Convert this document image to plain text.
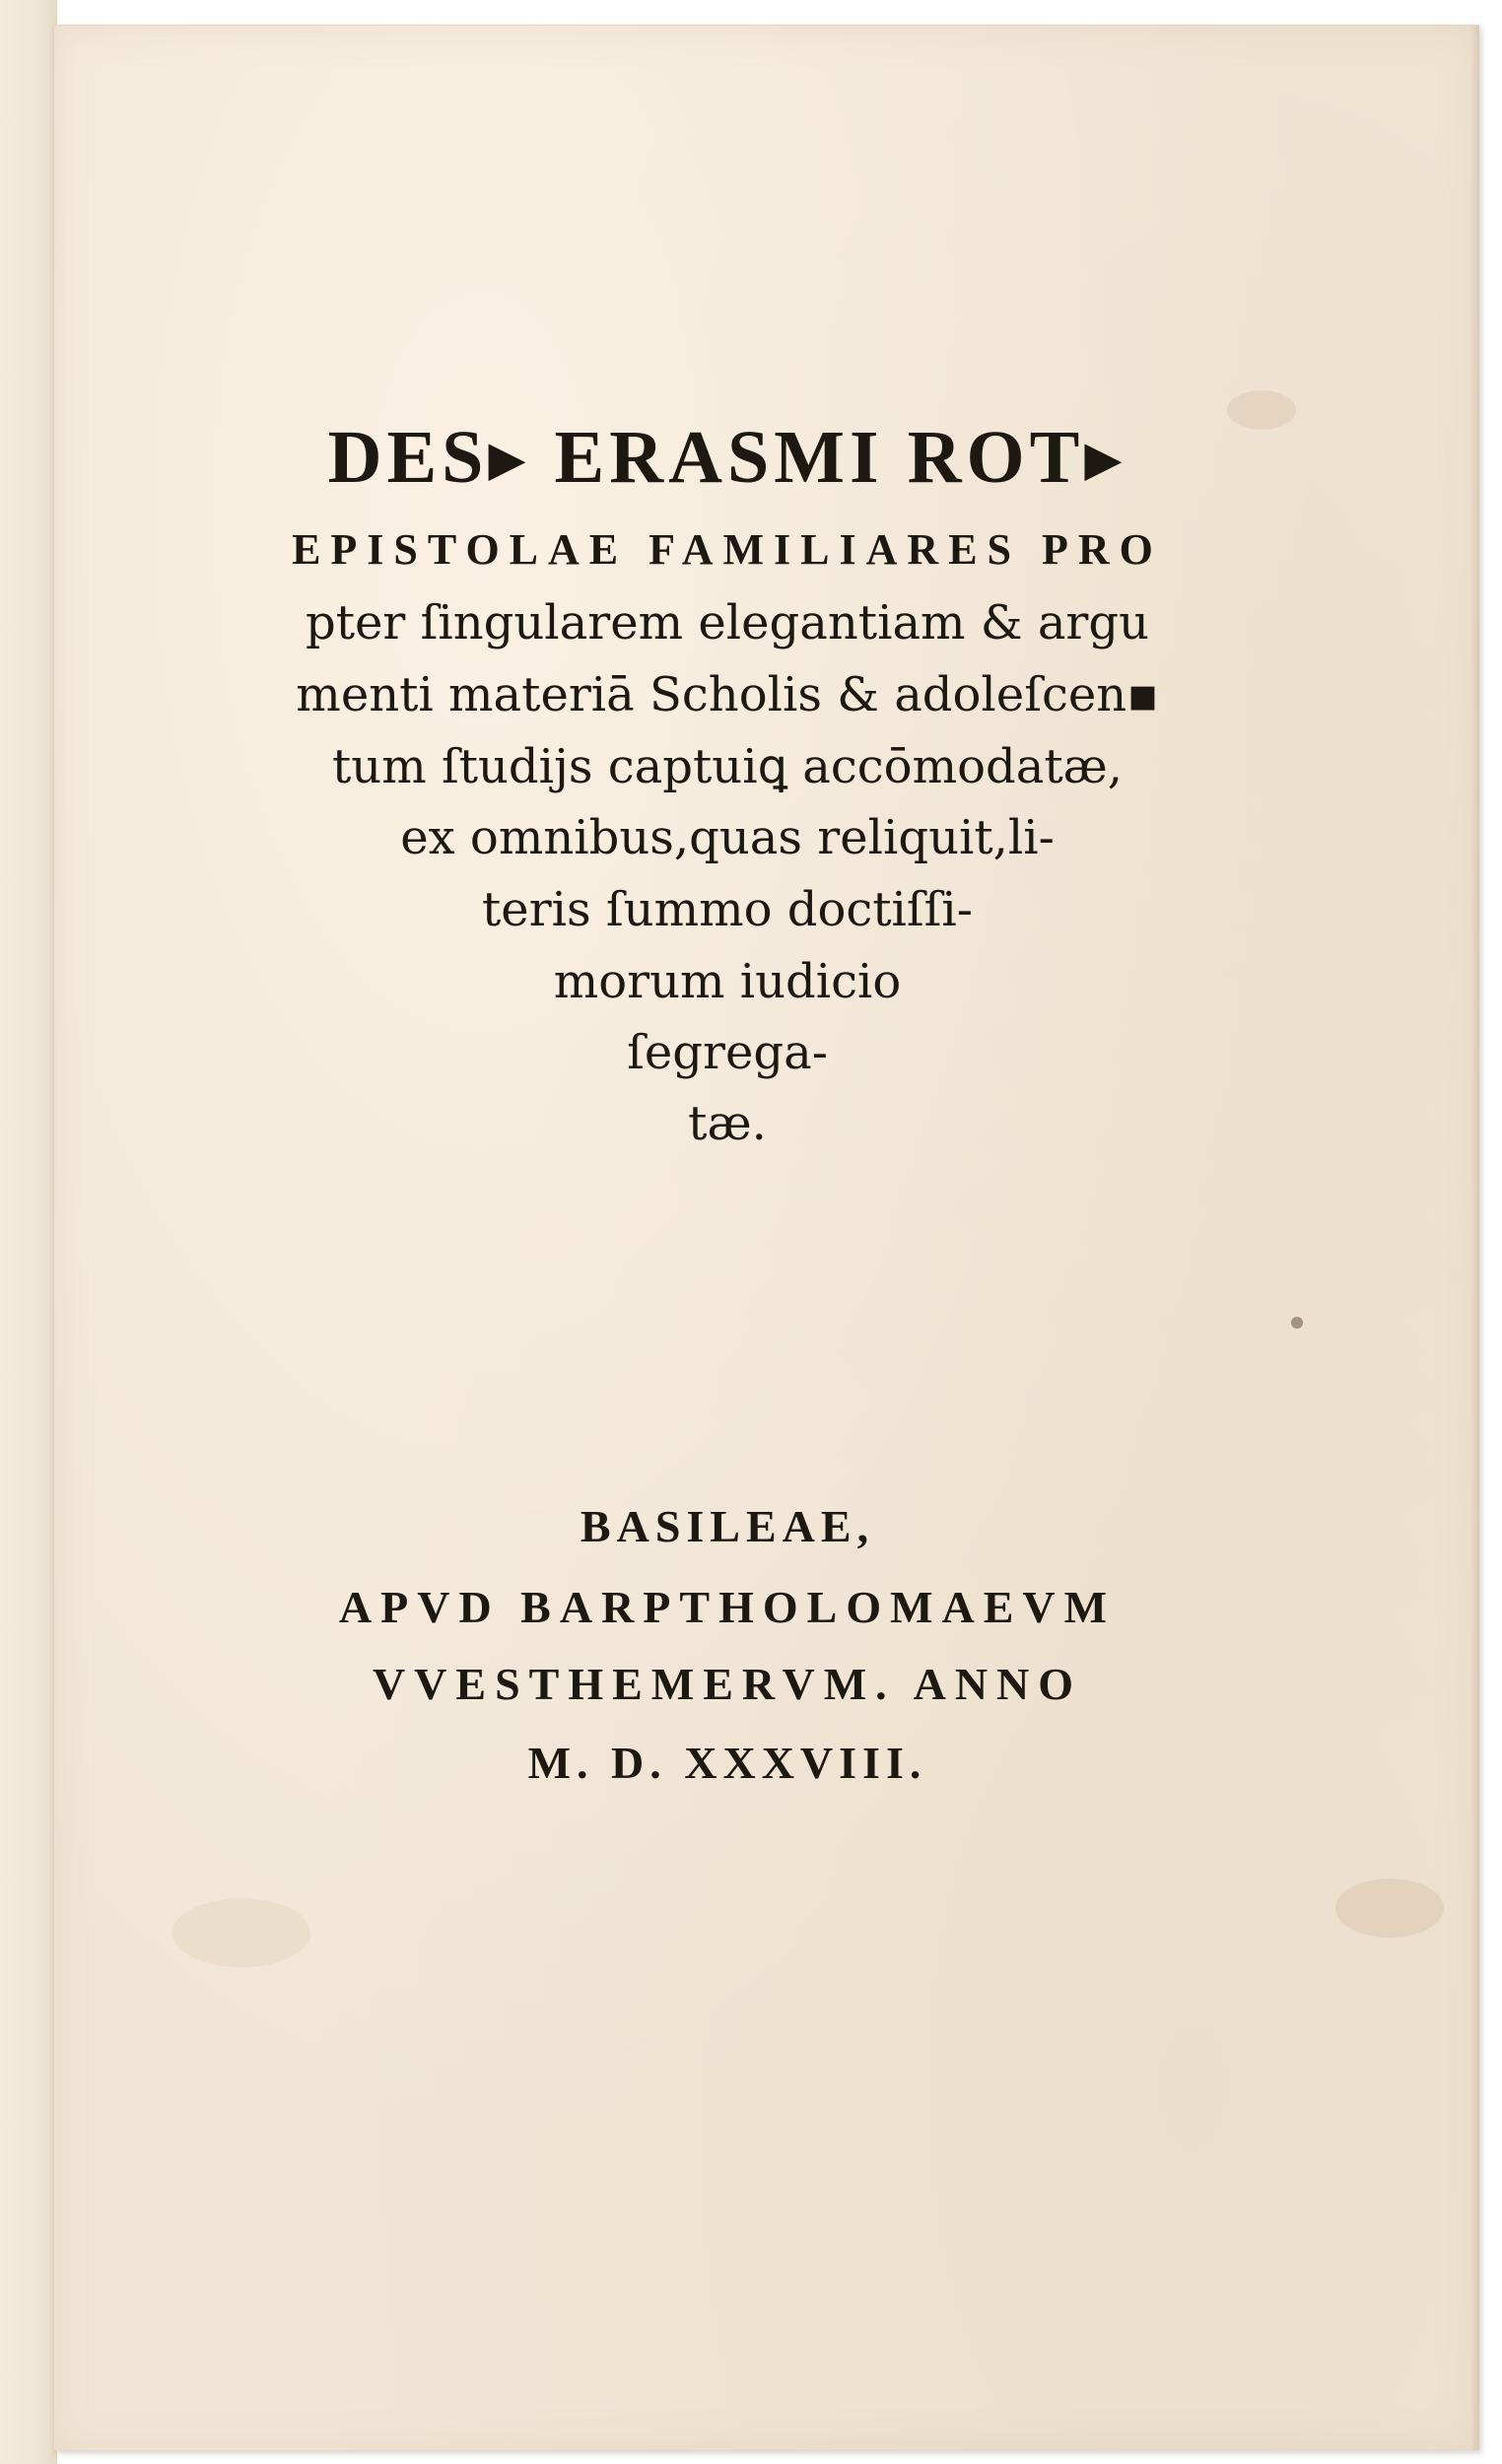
DES▸ ERASMI ROT▸
EPISTOLAE FAMILIARES PRO
pter ſingularem elegantiam & argu
menti materiā Scholis & adoleſcen▪
tum ſtudijs captuiꝗ accōmodatæ,
ex omnibus,quas reliquit,li-
teris ſummo doctiſſi-
morum iudicio
ſegrega-
tæ.
BASILEAE,
APVD BARPTHOLOMAEVM
VVESTHEMERVM. ANNO
M. D. XXXVIII.
